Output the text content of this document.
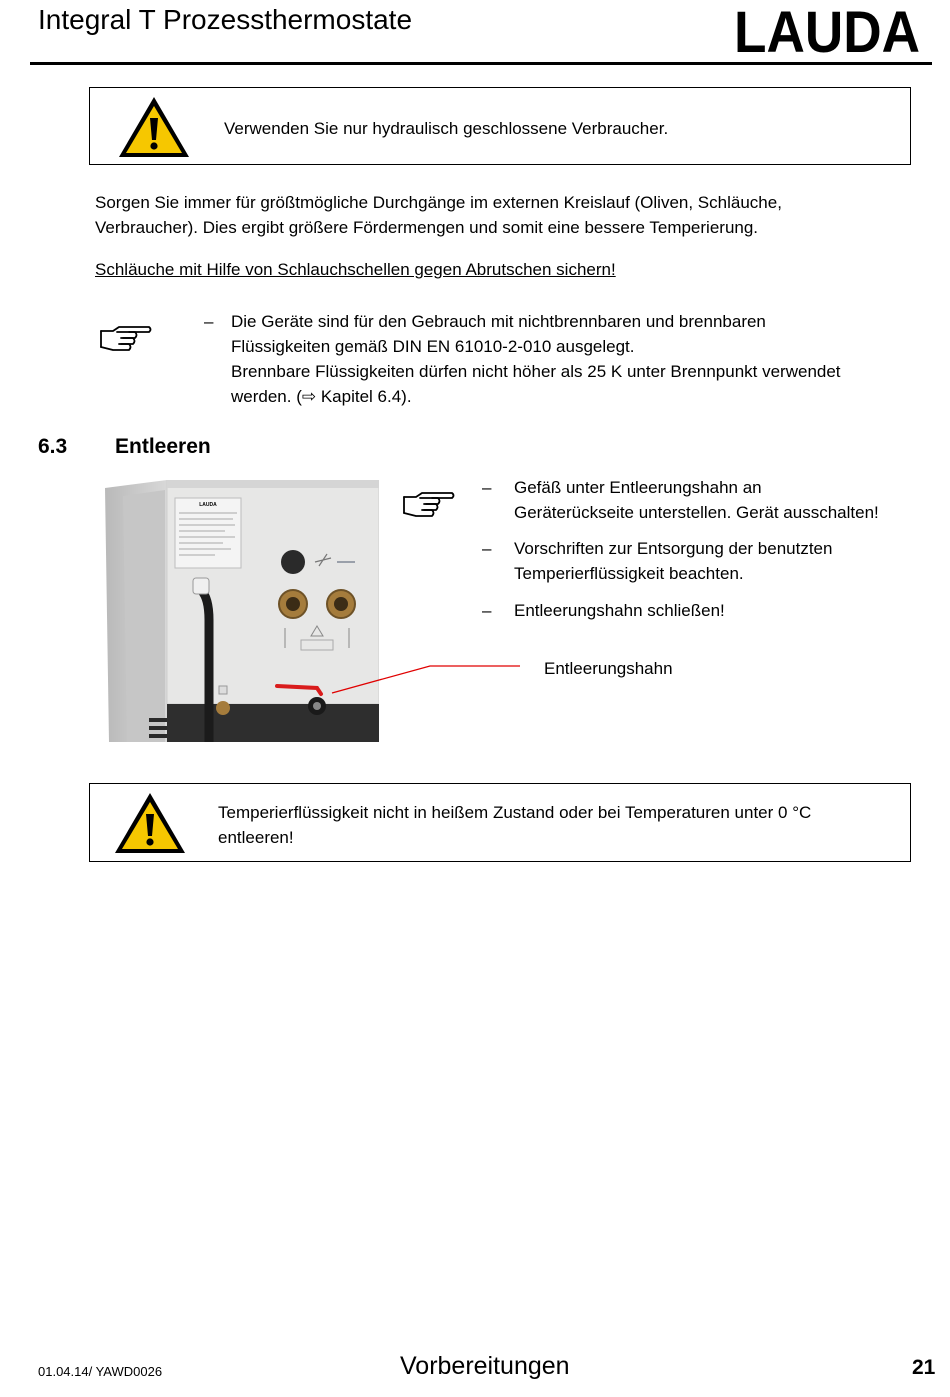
Integral T Prozessthermostate	LAUDA
Verwenden Sie nur hydraulisch geschlossene Verbraucher.
Sorgen Sie immer für größtmögliche Durchgänge im externen Kreislauf (Oliven, Schläuche,
Verbraucher). Dies ergibt größere Fördermengen und somit eine bessere Temperierung.
Schläuche mit Hilfe von Schlauchschellen gegen Abrutschen sichern!
– Die Geräte sind für den Gebrauch mit nichtbrennbaren und brennbaren
Flüssigkeiten gemäß DIN EN 61010-2-010 ausgelegt.
Brennbare Flüssigkeiten dürfen nicht höher als 25 K unter Brennpunkt verwendet
werden. (⇨ Kapitel 6.4).
6.3 Entleeren
LAUDA
Entleerungshahn
– Gefäß unter Entleerungshahn an
Geräterückseite unterstellen. Gerät ausschalten!
– Vorschriften zur Entsorgung der benutzten
Temperierflüssigkeit beachten.
– Entleerungshahn schließen!
Temperierflüssigkeit nicht in heißem Zustand oder bei Temperaturen unter 0 °C
entleeren!
01.04.14/ YAWD0026	Vorbereitungen	21
